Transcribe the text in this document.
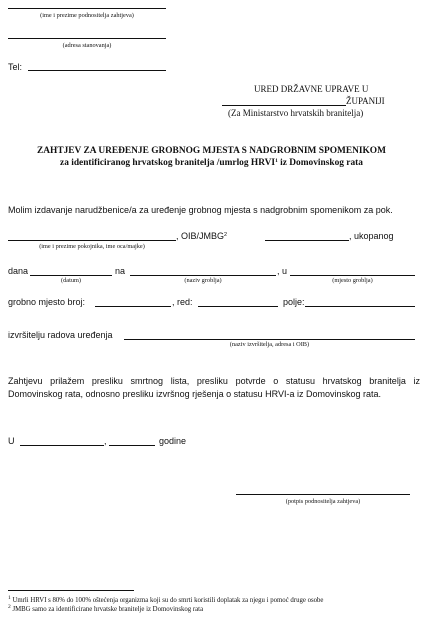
(ime i prezime podnositelja zahtjeva)
(adresa stanovanja)
Tel:
URED DRŽAVNE UPRAVE U
ŽUPANIJI
(Za Ministarstvo hrvatskih branitelja)
ZAHTJEV ZA UREĐENJE GROBNOG MJESTA S NADGROBNIM SPOMENIKOM
za identificiranog hrvatskog branitelja /umrlog HRVI$^1$ iz Domovinskog rata
Molim izdavanje narudžbenice/a za uređenje grobnog mjesta s nadgrobnim spomenikom za pok.
, OIB/JMBG$^2$	, ukopanog
(ime i prezime pokojnika, ime oca/majke)
dana	na	, u
(datum)	(naziv groblja)	(mjesto groblja)
grobno mjesto broj:	, red:	polje:
izvršitelju radova uređenja
(naziv izvršitelja, adresa i OIB)
Zahtjevu prilažem presliku smrtnog lista, presliku potvrde o statusu hrvatskog branitelja iz Domovinskog rata, odnosno presliku izvršnog rješenja o statusu HRVI-a iz Domovinskog rata.
U	,	godine
(potpis podnositelja zahtjeva)
$^1$ Umrli HRVI s 80% do 100% oštećenja organizma koji su do smrti koristili doplatak za njegu i pomoć druge osobe
$^2$ JMBG samo za identificirane hrvatske branitelje iz Domovinskog rata
